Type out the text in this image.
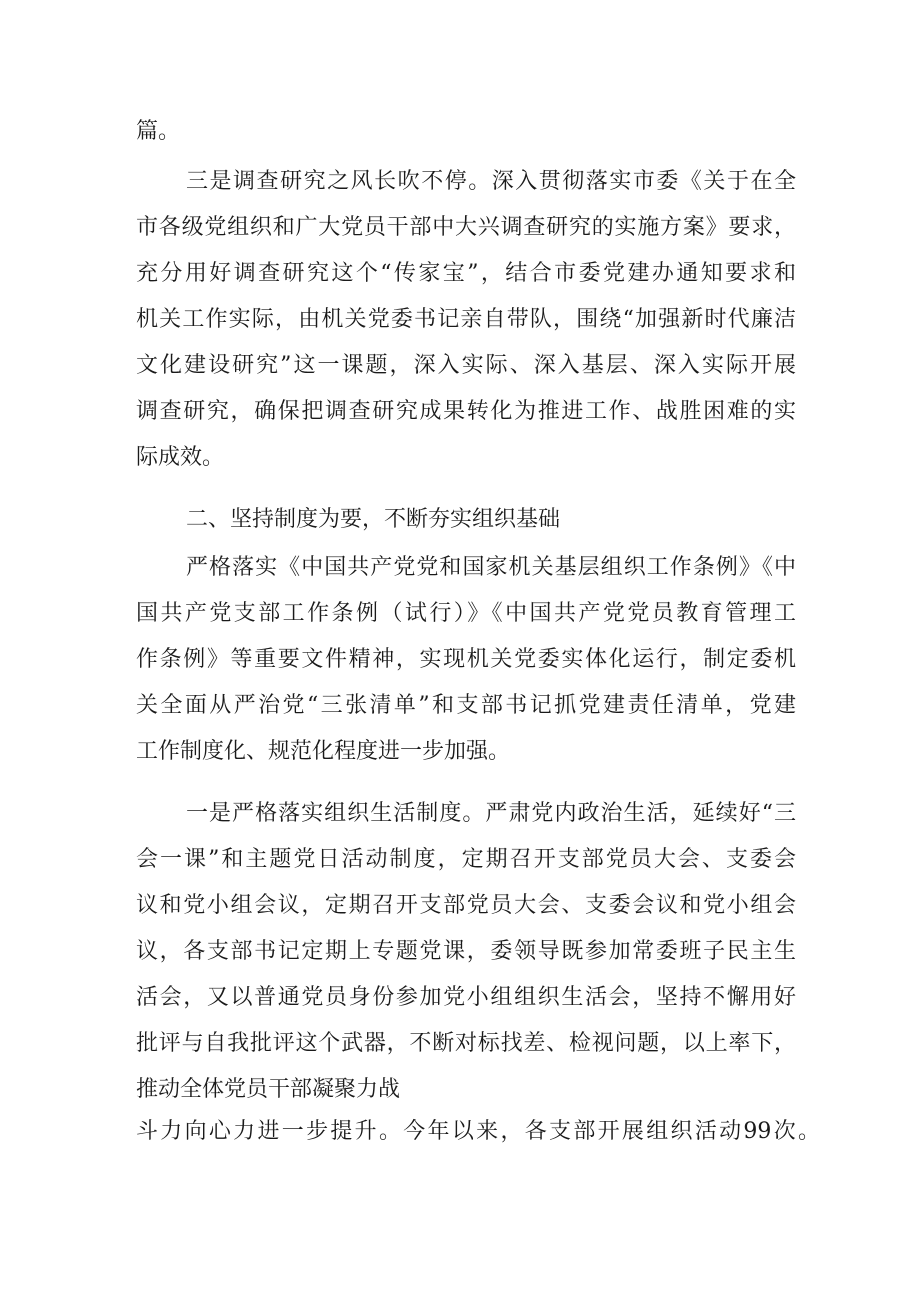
篇。

三是调查研究之风长吹不停。深入贯彻落实市委《关于在全

市各级党组织和广大党员干部中大兴调查研究的实施方案》要求，

充分用好调查研究这个“传家宝”，结合市委党建办通知要求和

机关工作实际，由机关党委书记亲自带队，围绕“加强新时代廉洁

文化建设研究”这一课题，深入实际、深入基层、深入实际开展

调查研究，确保把调查研究成果转化为推进工作、战胜困难的实

际成效。

二、坚持制度为要，不断夯实组织基础

严格落实《中国共产党党和国家机关基层组织工作条例》《中

国共产党支部工作条例（试行）》《中国共产党党员教育管理工

作条例》等重要文件精神，实现机关党委实体化运行，制定委机

关全面从严治党“三张清单”和支部书记抓党建责任清单，党建

工作制度化、规范化程度进一步加强。

一是严格落实组织生活制度。严肃党内政治生活，延续好“三

会一课”和主题党日活动制度，定期召开支部党员大会、支委会

议和党小组会议，定期召开支部党员大会、支委会议和党小组会

议，各支部书记定期上专题党课，委领导既参加常委班子民主生

活会，又以普通党员身份参加党小组组织生活会，坚持不懈用好

批评与自我批评这个武器，不断对标找差、检视问题，以上率下，

推动全体党员干部凝聚力战

斗力向心力进一步提升。今年以来，各支部开展组织活动99次。
